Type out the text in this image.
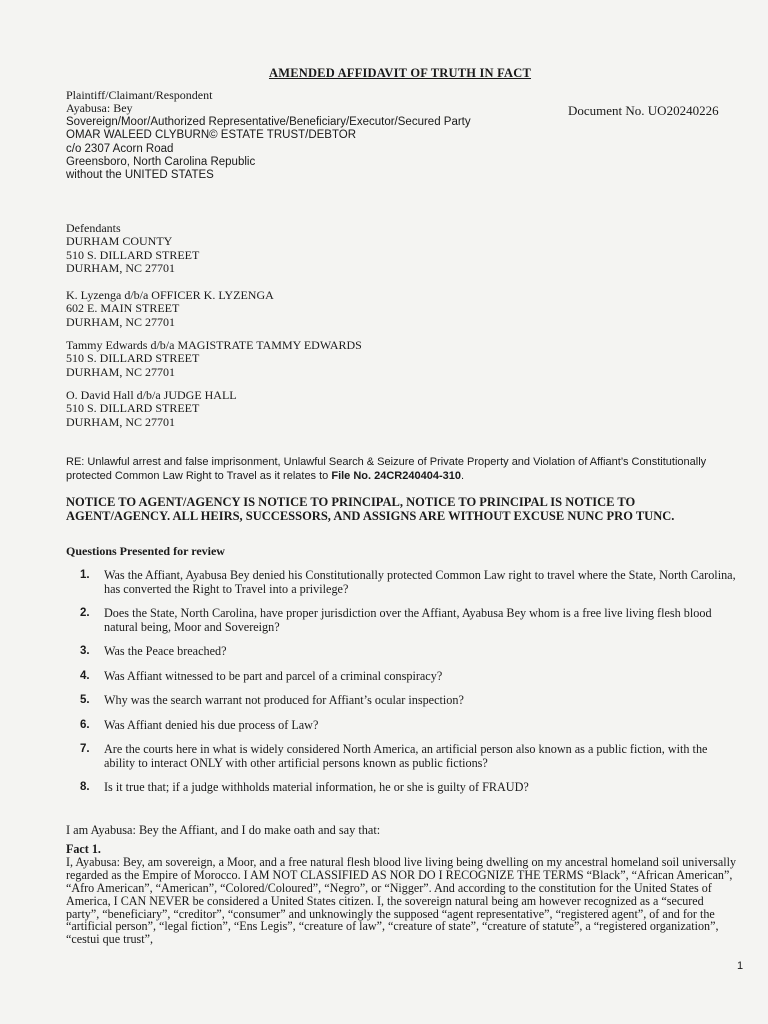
AMENDED AFFIDAVIT OF TRUTH IN FACT
Document No. UO20240226
Plaintiff/Claimant/Respondent
Ayabusa: Bey
Sovereign/Moor/Authorized Representative/Beneficiary/Executor/Secured Party
OMAR WALEED CLYBURN© ESTATE TRUST/DEBTOR
c/o 2307 Acorn Road
Greensboro, North Carolina Republic
without the UNITED STATES
Defendants
DURHAM COUNTY
510 S. DILLARD STREET
DURHAM, NC 27701
K. Lyzenga d/b/a OFFICER K. LYZENGA
602 E. MAIN STREET
DURHAM, NC 27701
Tammy Edwards d/b/a MAGISTRATE TAMMY EDWARDS
510 S. DILLARD STREET
DURHAM, NC 27701
O. David Hall d/b/a JUDGE HALL
510 S. DILLARD STREET
DURHAM, NC 27701
RE: Unlawful arrest and false imprisonment, Unlawful Search & Seizure of Private Property and Violation of Affiant’s Constitutionally protected Common Law Right to Travel as it relates to File No. 24CR240404-310.
NOTICE TO AGENT/AGENCY IS NOTICE TO PRINCIPAL, NOTICE TO PRINCIPAL IS NOTICE TO AGENT/AGENCY. ALL HEIRS, SUCCESSORS, AND ASSIGNS ARE WITHOUT EXCUSE NUNC PRO TUNC.
Questions Presented for review
1.	Was the Affiant, Ayabusa Bey denied his Constitutionally protected Common Law right to travel where the State, North Carolina, has converted the Right to Travel into a privilege?
2.	Does the State, North Carolina, have proper jurisdiction over the Affiant, Ayabusa Bey whom is a free live living flesh blood natural being, Moor and Sovereign?
3.	Was the Peace breached?
4.	Was Affiant witnessed to be part and parcel of a criminal conspiracy?
5.	Why was the search warrant not produced for Affiant’s ocular inspection?
6.	Was Affiant denied his due process of Law?
7.	Are the courts here in what is widely considered North America, an artificial person also known as a public fiction, with the ability to interact ONLY with other artificial persons known as public fictions?
8.	Is it true that; if a judge withholds material information, he or she is guilty of FRAUD?
I am Ayabusa: Bey the Affiant, and I do make oath and say that:
Fact 1.
I, Ayabusa: Bey, am sovereign, a Moor, and a free natural flesh blood live living being dwelling on my ancestral homeland soil universally regarded as the Empire of Morocco. I AM NOT CLASSIFIED AS NOR DO I RECOGNIZE THE TERMS “Black”, “African American”, “Afro American”, “American”, “Colored/Coloured”, “Negro”, or “Nigger”. And according to the constitution for the United States of America, I CAN NEVER be considered a United States citizen. I, the sovereign natural being am however recognized as a “secured party”, “beneficiary”, “creditor”, “consumer” and unknowingly the supposed “agent representative”, “registered agent”, of and for the “artificial person”, “legal fiction”, “Ens Legis”, “creature of law”, “creature of state”, “creature of statute”, a “registered organization”, “cestui que trust”,
1
